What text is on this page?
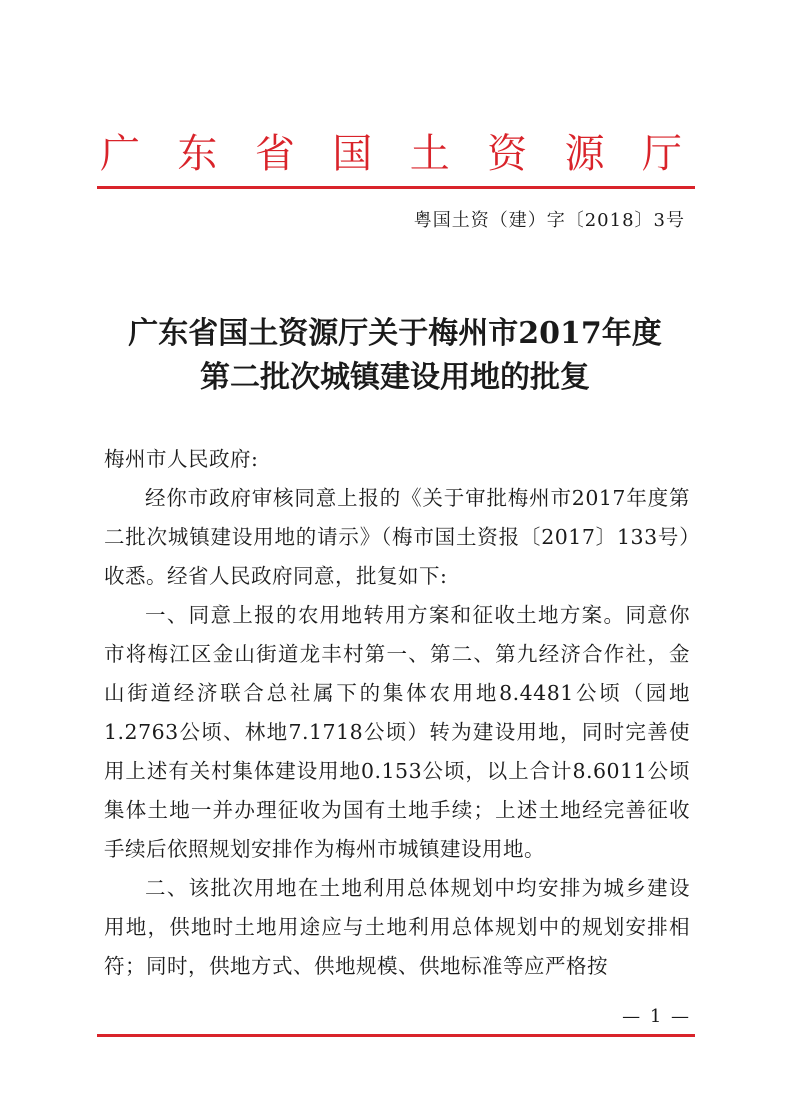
广东省国土资源厅
粤国土资（建）字〔2018〕3号
广东省国土资源厅关于梅州市2017年度
第二批次城镇建设用地的批复

梅州市人民政府:

经你市政府审核同意上报的《关于审批梅州市2017年度第二批次城镇建设用地的请示》（梅市国土资报〔2017〕133号）收悉。经省人民政府同意，批复如下:

一、同意上报的农用地转用方案和征收土地方案。同意你市将梅江区金山街道龙丰村第一、第二、第九经济合作社，金山街道经济联合总社属下的集体农用地8.4481公顷（园地1.2763公顷、林地7.1718公顷）转为建设用地，同时完善使用上述有关村集体建设用地0.153公顷，以上合计8.6011公顷集体土地一并办理征收为国有土地手续；上述土地经完善征收手续后依照规划安排作为梅州市城镇建设用地。

二、该批次用地在土地利用总体规划中均安排为城乡建设用地，供地时土地用途应与土地利用总体规划中的规划安排相符；同时，供地方式、供地规模、供地标准等应严格按

— 1 —
